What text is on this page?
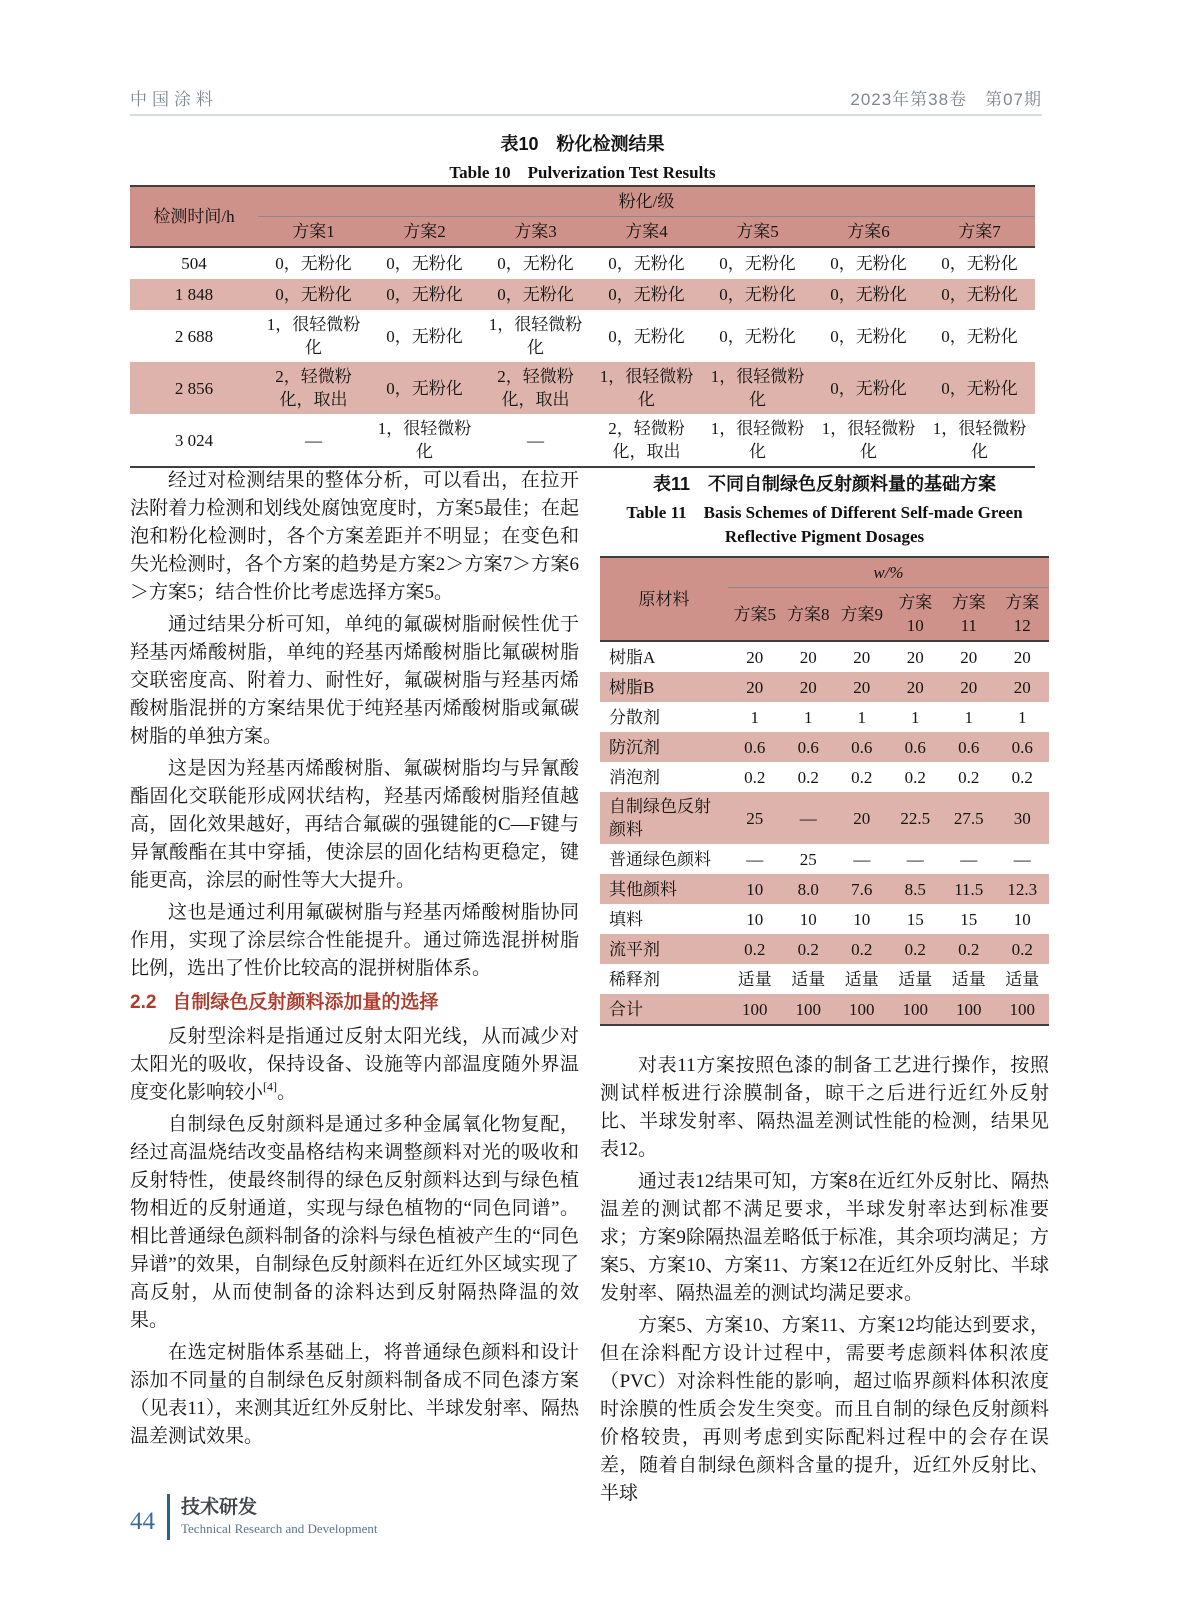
中国涂料	2023年第38卷　第07期
表10　粉化检测结果
Table 10　Pulverization Test Results
检测时间/h	粉化/级						
	方案1	方案2	方案3	方案4	方案5	方案6	方案7
504	0，无粉化	0，无粉化	0，无粉化	0，无粉化	0，无粉化	0，无粉化	0，无粉化
1 848	0，无粉化	0，无粉化	0，无粉化	0，无粉化	0，无粉化	0，无粉化	0，无粉化
2 688	1，很轻微粉化	0，无粉化	1，很轻微粉化	0，无粉化	0，无粉化	0，无粉化	0，无粉化
2 856	2，轻微粉化，取出	0，无粉化	2，轻微粉化，取出	1，很轻微粉化	1，很轻微粉化	0，无粉化	0，无粉化
3 024	—	1，很轻微粉化	—	2，轻微粉化，取出	1，很轻微粉化	1，很轻微粉化	1，很轻微粉化

经过对检测结果的整体分析，可以看出，在拉开法附着力检测和划线处腐蚀宽度时，方案5最佳；在起泡和粉化检测时，各个方案差距并不明显；在变色和失光检测时，各个方案的趋势是方案2＞方案7＞方案6＞方案5；结合性价比考虑选择方案5。

通过结果分析可知，单纯的氟碳树脂耐候性优于羟基丙烯酸树脂，单纯的羟基丙烯酸树脂比氟碳树脂交联密度高、附着力、耐性好，氟碳树脂与羟基丙烯酸树脂混拼的方案结果优于纯羟基丙烯酸树脂或氟碳树脂的单独方案。

这是因为羟基丙烯酸树脂、氟碳树脂均与异氰酸酯固化交联能形成网状结构，羟基丙烯酸树脂羟值越高，固化效果越好，再结合氟碳的强键能的C—F键与异氰酸酯在其中穿插，使涂层的固化结构更稳定，键能更高，涂层的耐性等大大提升。

这也是通过利用氟碳树脂与羟基丙烯酸树脂协同作用，实现了涂层综合性能提升。通过筛选混拼树脂比例，选出了性价比较高的混拼树脂体系。

2.2 自制绿色反射颜料添加量的选择

反射型涂料是指通过反射太阳光线，从而减少对太阳光的吸收，保持设备、设施等内部温度随外界温度变化影响较小[4]。

自制绿色反射颜料是通过多种金属氧化物复配，经过高温烧结改变晶格结构来调整颜料对光的吸收和反射特性，使最终制得的绿色反射颜料达到与绿色植物相近的反射通道，实现与绿色植物的“同色同谱”。相比普通绿色颜料制备的涂料与绿色植被产生的“同色异谱”的效果，自制绿色反射颜料在近红外区域实现了高反射，从而使制备的涂料达到反射隔热降温的效果。

在选定树脂体系基础上，将普通绿色颜料和设计添加不同量的自制绿色反射颜料制备成不同色漆方案（见表11），来测其近红外反射比、半球发射率、隔热温差测试效果。

表11　不同自制绿色反射颜料量的基础方案
Table 11　Basis Schemes of Different Self-made Green Reflective Pigment Dosages
原材料	w/%					
	方案5	方案8	方案9	方案10	方案11	方案12
树脂A	20	20	20	20	20	20
树脂B	20	20	20	20	20	20
分散剂	1	1	1	1	1	1
防沉剂	0.6	0.6	0.6	0.6	0.6	0.6
消泡剂	0.2	0.2	0.2	0.2	0.2	0.2
自制绿色反射颜料	25	—	20	22.5	27.5	30
普通绿色颜料	—	25	—	—	—	—
其他颜料	10	8.0	7.6	8.5	11.5	12.3
填料	10	10	10	15	15	10
流平剂	0.2	0.2	0.2	0.2	0.2	0.2
稀释剂	适量	适量	适量	适量	适量	适量
合计	100	100	100	100	100	100

对表11方案按照色漆的制备工艺进行操作，按照测试样板进行涂膜制备，晾干之后进行近红外反射比、半球发射率、隔热温差测试性能的检测，结果见表12。

通过表12结果可知，方案8在近红外反射比、隔热温差的测试都不满足要求，半球发射率达到标准要求；方案9除隔热温差略低于标准，其余项均满足；方案5、方案10、方案11、方案12在近红外反射比、半球发射率、隔热温差的测试均满足要求。

方案5、方案10、方案11、方案12均能达到要求，但在涂料配方设计过程中，需要考虑颜料体积浓度（PVC）对涂料性能的影响，超过临界颜料体积浓度时涂膜的性质会发生突变。而且自制的绿色反射颜料价格较贵，再则考虑到实际配料过程中的会存在误差，随着自制绿色颜料含量的提升，近红外反射比、半球

44
技术研发
Technical Research and Development
